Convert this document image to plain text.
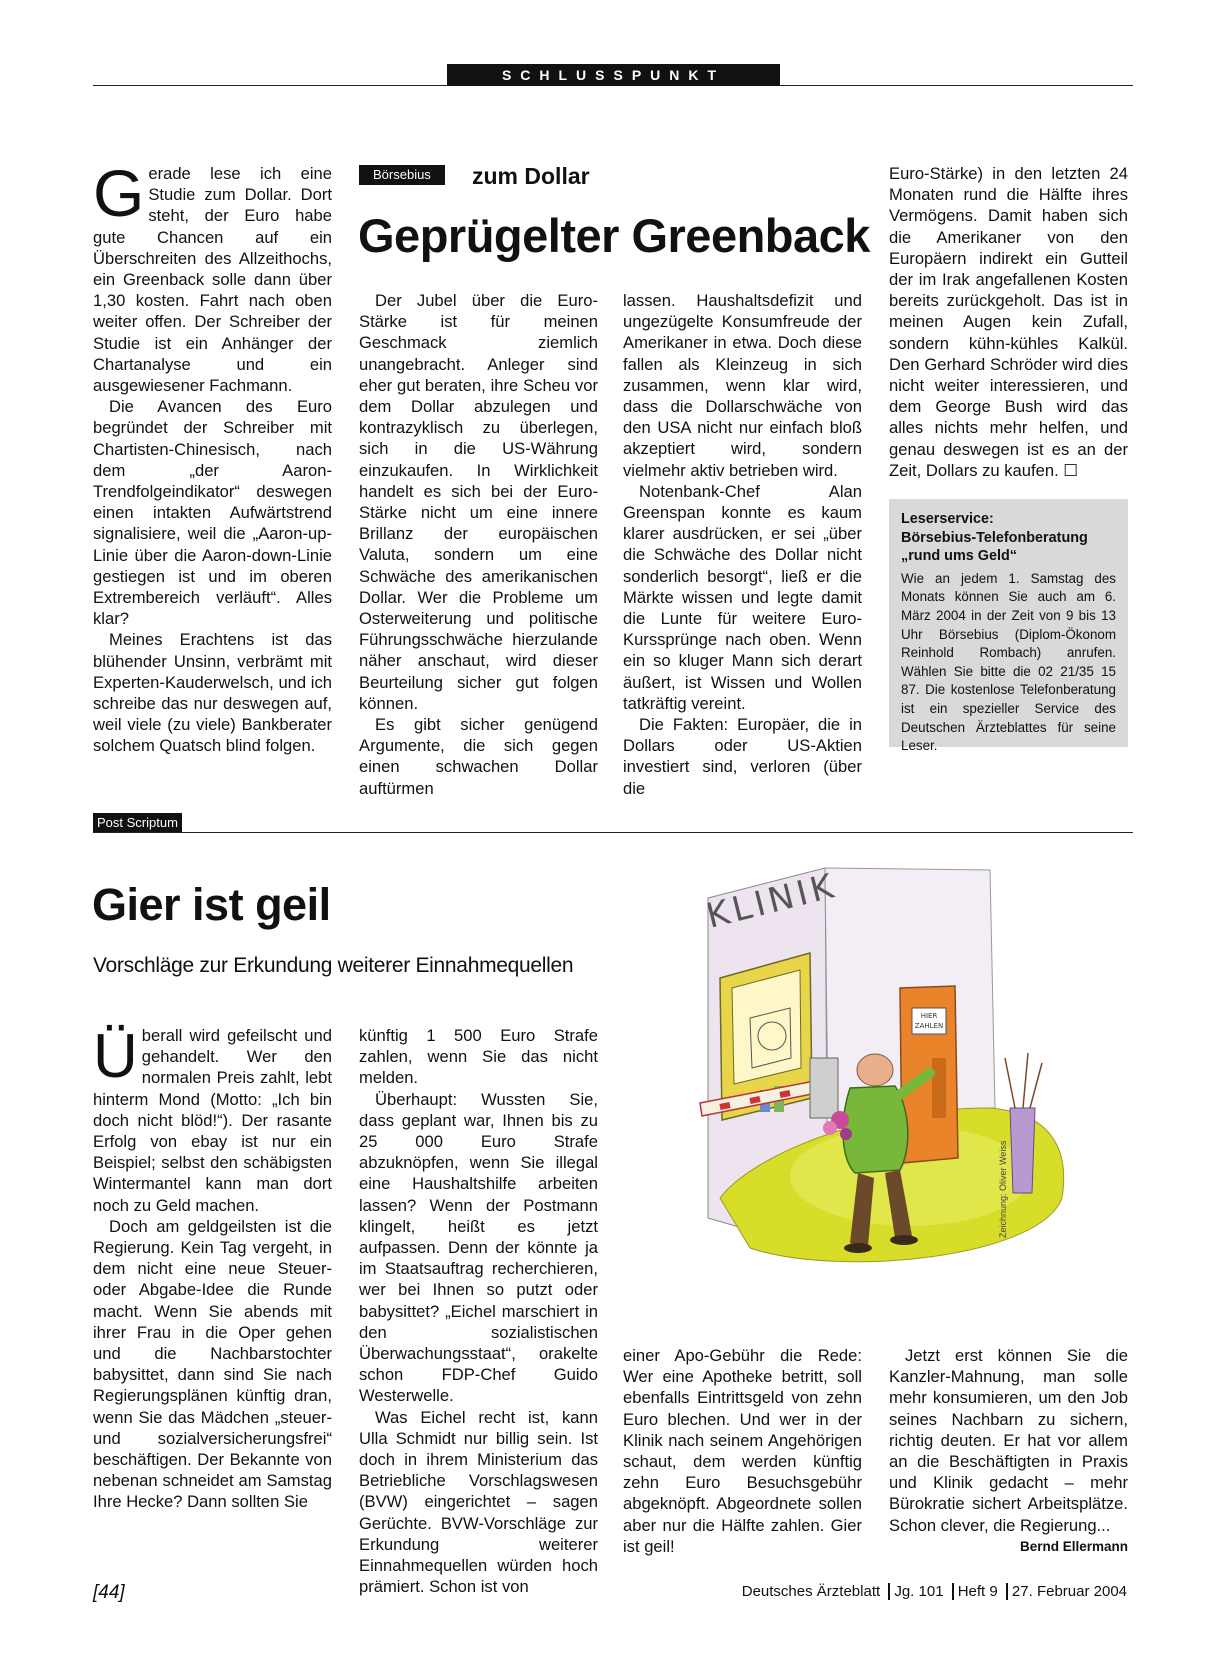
SCHLUSSPUNKT

Gerade lese ich eine Studie zum Dollar. Dort steht, der Euro habe gute Chancen auf ein Überschreiten des Allzeithochs, ein Greenback solle dann über 1,30 kosten. Fahrt nach oben weiter offen. Der Schreiber der Studie ist ein Anhänger der Chartanalyse und ein ausgewiesener Fachmann.

Die Avancen des Euro begründet der Schreiber mit Chartisten-Chinesisch, nach dem „der Aaron-Trendfolgeindikator“ deswegen einen intakten Aufwärtstrend signalisiere, weil die „Aaron-up-Linie über die Aaron-down-Linie gestiegen ist und im oberen Extrembereich verläuft“. Alles klar?

Meines Erachtens ist das blühender Unsinn, verbrämt mit Experten-Kauderwelsch, und ich schreibe das nur deswegen auf, weil viele (zu viele) Bankberater solchem Quatsch blind folgen.

Börsebius	zum Dollar
Geprügelter Greenback

Der Jubel über die Euro-Stärke ist für meinen Geschmack ziemlich unangebracht. Anleger sind eher gut beraten, ihre Scheu vor dem Dollar abzulegen und kontrazyklisch zu überlegen, sich in die US-Währung einzukaufen. In Wirklichkeit handelt es sich bei der Euro-Stärke nicht um eine innere Brillanz der europäischen Valuta, sondern um eine Schwäche des amerikanischen Dollar. Wer die Probleme um Osterweiterung und politische Führungsschwäche hierzulande näher anschaut, wird dieser Beurteilung sicher gut folgen können.

Es gibt sicher genügend Argumente, die sich gegen einen schwachen Dollar auftürmen

lassen. Haushaltsdefizit und ungezügelte Konsumfreude der Amerikaner in etwa. Doch diese fallen als Kleinzeug in sich zusammen, wenn klar wird, dass die Dollarschwäche von den USA nicht nur einfach bloß akzeptiert wird, sondern vielmehr aktiv betrieben wird.

Notenbank-Chef Alan Greenspan konnte es kaum klarer ausdrücken, er sei „über die Schwäche des Dollar nicht sonderlich besorgt“, ließ er die Märkte wissen und legte damit die Lunte für weitere Euro-Kurssprünge nach oben. Wenn ein so kluger Mann sich derart äußert, ist Wissen und Wollen tatkräftig vereint.

Die Fakten: Europäer, die in Dollars oder US-Aktien investiert sind, verloren (über die

Euro-Stärke) in den letzten 24 Monaten rund die Hälfte ihres Vermögens. Damit haben sich die Amerikaner von den Europäern indirekt ein Gutteil der im Irak angefallenen Kosten bereits zurückgeholt. Das ist in meinen Augen kein Zufall, sondern kühn-kühles Kalkül. Den Gerhard Schröder wird dies nicht weiter interessieren, und dem George Bush wird das alles nichts mehr helfen, und genau deswegen ist es an der Zeit, Dollars zu kaufen. ☐

Leserservice:
Börsebius-Telefonberatung
„rund ums Geld“
Wie an jedem 1. Samstag des Monats können Sie auch am 6. März 2004 in der Zeit von 9 bis 13 Uhr Börsebius (Diplom-Ökonom Reinhold Rombach) anrufen. Wählen Sie bitte die 02 21/35 15 87. Die kostenlose Telefonberatung ist ein spezieller Service des Deutschen Ärzteblattes für seine Leser.
Post Scriptum
Gier ist geil
Vorschläge zur Erkundung weiterer Einnahmequellen

Überall wird gefeilscht und gehandelt. Wer den normalen Preis zahlt, lebt hinterm Mond (Motto: „Ich bin doch nicht blöd!“). Der rasante Erfolg von ebay ist nur ein Beispiel; selbst den schäbigsten Wintermantel kann man dort noch zu Geld machen.

Doch am geldgeilsten ist die Regierung. Kein Tag vergeht, in dem nicht eine neue Steuer- oder Abgabe-Idee die Runde macht. Wenn Sie abends mit ihrer Frau in die Oper gehen und die Nachbarstochter babysittet, dann sind Sie nach Regierungsplänen künftig dran, wenn Sie das Mädchen „steuer- und sozialversicherungsfrei“ beschäftigen. Der Bekannte von nebenan schneidet am Samstag Ihre Hecke? Dann sollten Sie

künftig 1 500 Euro Strafe zahlen, wenn Sie das nicht melden.

Überhaupt: Wussten Sie, dass geplant war, Ihnen bis zu 25 000 Euro Strafe abzuknöpfen, wenn Sie illegal eine Haushaltshilfe arbeiten lassen? Wenn der Postmann klingelt, heißt es jetzt aufpassen. Denn der könnte ja im Staatsauftrag recherchieren, wer bei Ihnen so putzt oder babysittet? „Eichel marschiert in den sozialistischen Überwachungsstaat“, orakelte schon FDP-Chef Guido Westerwelle.

Was Eichel recht ist, kann Ulla Schmidt nur billig sein. Ist doch in ihrem Ministerium das Betriebliche Vorschlagswesen (BVW) eingerichtet – sagen Gerüchte. BVW-Vorschläge zur Erkundung weiterer Einnahmequellen würden hoch prämiert. Schon ist von

HIER
ZAHLEN
KLINIK
Zeichnung: Oliver Weiss

einer Apo-Gebühr die Rede: Wer eine Apotheke betritt, soll ebenfalls Eintrittsgeld von zehn Euro blechen. Und wer in der Klinik nach seinem Angehörigen schaut, dem werden künftig zehn Euro Besuchsgebühr abgeknöpft. Abgeordnete sollen aber nur die Hälfte zahlen. Gier ist geil!

Jetzt erst können Sie die Kanzler-Mahnung, man solle mehr konsumieren, um den Job seines Nachbarn zu sichern, richtig deuten. Er hat vor allem an die Beschäftigten in Praxis und Klinik gedacht – mehr Bürokratie sichert Arbeitsplätze. Schon clever, die Regierung...
Bernd Ellermann

[44]	Deutsches Ärzteblatt Jg. 101 Heft 9 27. Februar 2004
